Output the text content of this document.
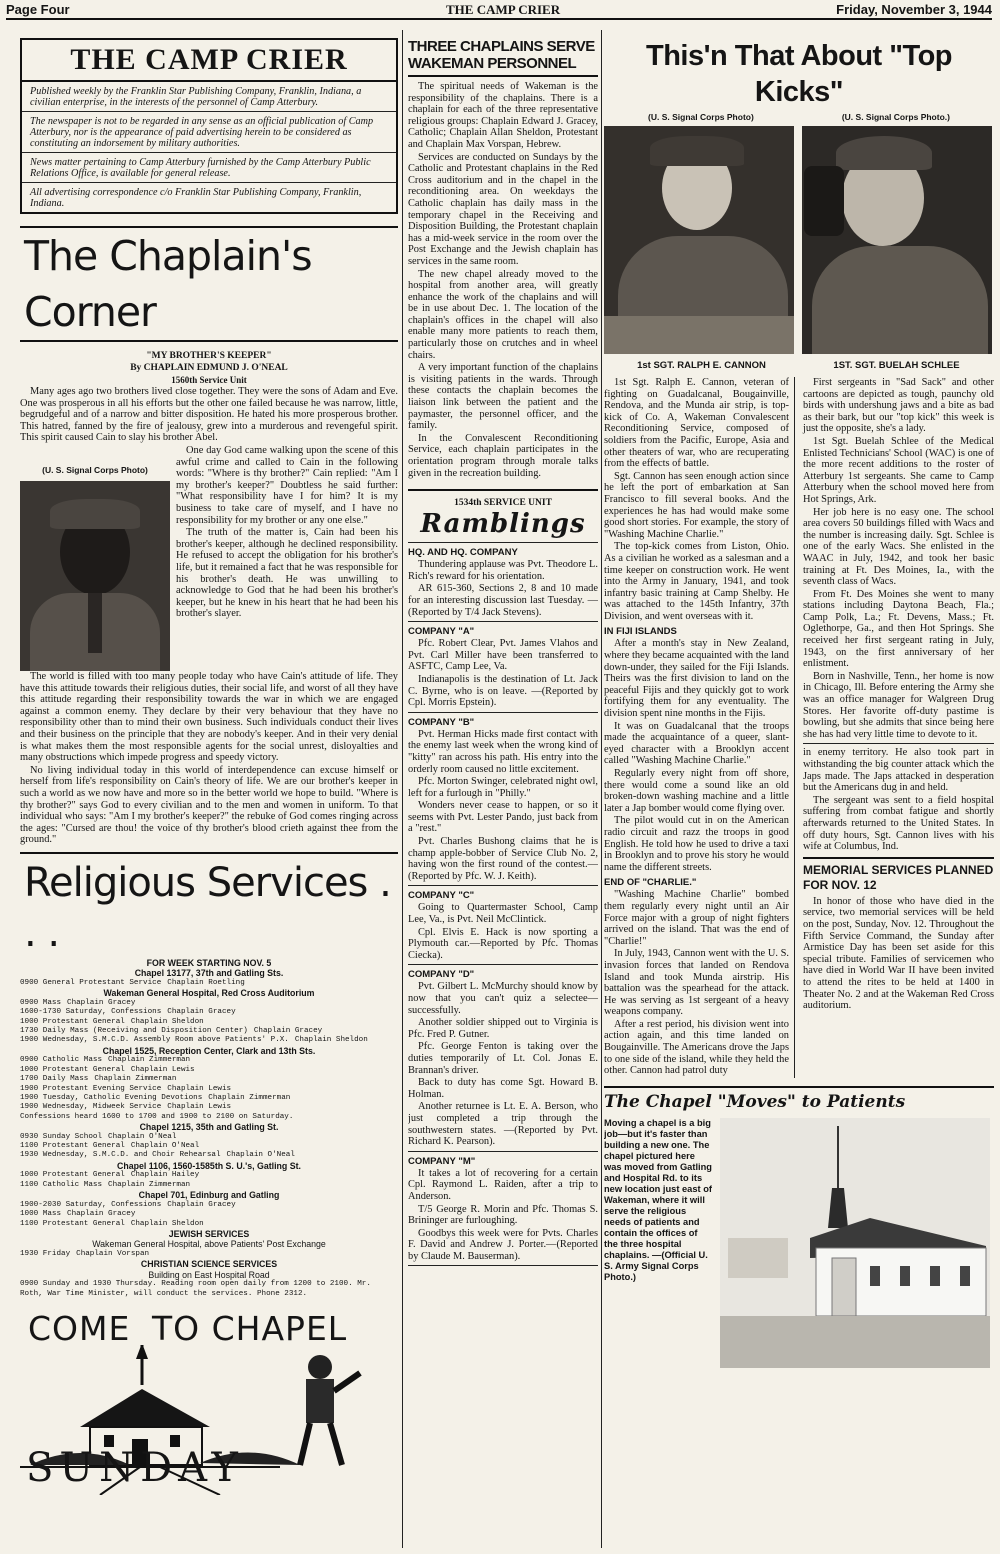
Page Four	THE CAMP CRIER	Friday, November 3, 1944
THE CAMP CRIER
Published weekly by the Franklin Star Publishing Company, Franklin, Indiana, a civilian enterprise, in the interests of the personnel of Camp Atterbury.
The newspaper is not to be regarded in any sense as an official publication of Camp Atterbury, nor is the appearance of paid advertising herein to be considered as constituting an indorsement by military authorities.
News matter pertaining to Camp Atterbury furnished by the Camp Atterbury Public Relations Office, is available for general release.
All advertising correspondence c/o Franklin Star Publishing Company, Franklin, Indiana.
The Chaplain's Corner
"MY BROTHER'S KEEPER"
By CHAPLAIN EDMUND J. O'NEAL
1560th Service Unit

Many ages ago two brothers lived close together. They were the sons of Adam and Eve. One was prosperous in all his efforts but the other one failed because he was narrow, little, begrudgeful and of a narrow and bitter disposition. He hated his more prosperous brother. This hatred, fanned by the fire of jealousy, grew into a murderous and revengeful spirit. This spirit caused Cain to slay his brother Abel.

(U. S. Signal Corps Photo)

One day God came walking upon the scene of this awful crime and called to Cain in the following words: "Where is thy brother?" Cain replied: "Am I my brother's keeper?" Doubtless he said further: "What responsibility have I for him? It is my business to take care of myself, and I have no responsibility for my brother or any one else."

The truth of the matter is, Cain had been his brother's keeper, although he declined responsibility. He refused to accept the obligation for his brother's life, but it remained a fact that he was responsible for his brother's death. He was unwilling to acknowledge to God that he had been his brother's keeper, but he knew in his heart that he had been his brother's slayer.

The world is filled with too many people today who have Cain's attitude of life. They have this attitude towards their religious duties, their social life, and worst of all they have this attitude regarding their responsibility towards the war in which we are engaged against a common enemy. They declare by their very behaviour that they have no responsibility other than to mind their own business. Such individuals conduct their lives and their business on the principle that they are nobody's keeper. And in their very denial is what makes them the most responsible agents for the social unrest, disloyalties and many obstructions which impede progress and speedy victory.

No living individual today in this world of interdependence can excuse himself or herself from life's responsibility on Cain's theory of life. We are our brother's keeper in such a world as we now have and more so in the better world we hope to build. "Where is thy brother?" says God to every civilian and to the men and women in uniform. To that individual who says: "Am I my brother's keeper?" the rebuke of God comes ringing across the ages: "Cursed are thou! the voice of thy brother's blood crieth against thee from the ground."

Religious Services . . .
FOR WEEK STARTING NOV. 5
Chapel 13177, 37th and Gatling Sts.
0900 General Protestant Service Chaplain Roetling
Wakeman General Hospital, Red Cross Auditorium
0900 Mass Chaplain Gracey
1600-1730 Saturday, Confessions Chaplain Gracey
1000 Protestant General Chaplain Sheldon
1730 Daily Mass (Receiving and Disposition Center) Chaplain Gracey
1900 Wednesday, S.M.C.D. Assembly Room above Patients' P.X. Chaplain Sheldon
Chapel 1525, Reception Center, Clark and 13th Sts.
0900 Catholic Mass Chaplain Zimmerman
1000 Protestant General Chaplain Lewis
1700 Daily Mass Chaplain Zimmerman
1900 Protestant Evening Service Chaplain Lewis
1900 Tuesday, Catholic Evening Devotions Chaplain Zimmerman
1900 Wednesday, Midweek Service Chaplain Lewis
Confessions heard 1600 to 1700 and 1900 to 2100 on Saturday.
Chapel 1215, 35th and Gatling St.
0930 Sunday School Chaplain O'Neal
1100 Protestant General Chaplain O'Neal
1930 Wednesday, S.M.C.D. and Choir Rehearsal Chaplain O'Neal
Chapel 1106, 1560-1585th S. U.'s, Gatling St.
1000 Protestant General Chaplain Hailey
1100 Catholic Mass Chaplain Zimmerman
Chapel 701, Edinburg and Gatling
1900-2030 Saturday, Confessions Chaplain Gracey
1000 Mass Chaplain Gracey
1100 Protestant General Chaplain Sheldon
JEWISH SERVICES
Wakeman General Hospital, above Patients' Post Exchange
1930 Friday Chaplain Vorspan
CHRISTIAN SCIENCE SERVICES
Building on East Hospital Road
0900 Sunday and 1930 Thursday. Reading room open daily from 1200 to 2100. Mr. Roth, War Time Minister, will conduct the services. Phone 2312.
COME TO CHAPEL
SUNDAY
THREE CHAPLAINS SERVE WAKEMAN PERSONNEL

The spiritual needs of Wakeman is the responsibility of the chaplains. There is a chaplain for each of the three representative religious groups: Chaplain Edward J. Gracey, Catholic; Chaplain Allan Sheldon, Protestant and Chaplain Max Vorspan, Hebrew.

Services are conducted on Sundays by the Catholic and Protestant chaplains in the Red Cross auditorium and in the chapel in the reconditioning area. On weekdays the Catholic chaplain has daily mass in the temporary chapel in the Receiving and Disposition Building, the Protestant chaplain has a mid-week service in the room over the Post Exchange and the Jewish chaplain has services in the same room.

The new chapel already moved to the hospital from another area, will greatly enhance the work of the chaplains and will be in use about Dec. 1. The location of the chaplain's offices in the chapel will also enable many more patients to reach them, particularly those on crutches and in wheel chairs.

A very important function of the chaplains is visiting patients in the wards. Through these contacts the chaplain becomes the liaison link between the patient and the paymaster, the personnel officer, and the family.

In the Convalescent Reconditioning Service, each chaplain participates in the orientation program through morale talks given in the recreation building.

1534th SERVICE UNIT
Ramblings
HQ. AND HQ. COMPANY

Thundering applause was Pvt. Theodore L. Rich's reward for his orientation.

AR 615-360, Sections 2, 8 and 10 made for an interesting discussion last Tuesday. — (Reported by T/4 Jack Stevens).

COMPANY "A"

Pfc. Robert Clear, Pvt. James Vlahos and Pvt. Carl Miller have been transferred to ASFTC, Camp Lee, Va.

Indianapolis is the destination of Lt. Jack C. Byrne, who is on leave. —(Reported by Cpl. Morris Epstein).

COMPANY "B"

Pvt. Herman Hicks made first contact with the enemy last week when the wrong kind of "kitty" ran across his path. His entry into the orderly room caused no little excitement.

Pfc. Morton Swinger, celebrated night owl, left for a furlough in "Philly."

Wonders never cease to happen, or so it seems with Pvt. Lester Pando, just back from a "rest."

Pvt. Charles Bushong claims that he is champ apple-bobber of Service Club No. 2, having won the first round of the contest.—(Reported by Pfc. W. J. Keith).

COMPANY "C"

Going to Quartermaster School, Camp Lee, Va., is Pvt. Neil McClintick.

Cpl. Elvis E. Hack is now sporting a Plymouth car.—Reported by Pfc. Thomas Ciecka).

COMPANY "D"

Pvt. Gilbert L. McMurchy should know by now that you can't quiz a selectee—successfully.

Another soldier shipped out to Virginia is Pfc. Fred P. Gutner.

Pfc. George Fenton is taking over the duties temporarily of Lt. Col. Jonas E. Brannan's driver.

Back to duty has come Sgt. Howard B. Holman.

Another returnee is Lt. E. A. Berson, who just completed a trip through the southwestern states. —(Reported by Pvt. Richard K. Pearson).

COMPANY "M"

It takes a lot of recovering for a certain Cpl. Raymond L. Raiden, after a trip to Anderson.

T/5 George R. Morin and Pfc. Thomas S. Brininger are furloughing.

Goodbys this week were for Pvts. Charles F. David and Andrew J. Porter.—(Reported by Claude M. Bauserman).

This'n That About "Top Kicks"
(U. S. Signal Corps Photo)	(U. S. Signal Corps Photo.)
1st SGT. RALPH E. CANNON	1ST. SGT. BUELAH SCHLEE

1st Sgt. Ralph E. Cannon, veteran of fighting on Guadalcanal, Bougainville, Rendova, and the Munda air strip, is top-kick of Co. A, Wakeman Convalescent Reconditioning Service, composed of soldiers from the Pacific, Europe, Asia and other theaters of war, who are recuperating from the effects of battle.

Sgt. Cannon has seen enough action since he left the port of embarkation at San Francisco to fill several books. And the experiences he has had would make some good short stories. For example, the story of "Washing Machine Charlie."

The top-kick comes from Liston, Ohio. As a civilian he worked as a salesman and a time keeper on construction work. He went into the Army in January, 1941, and took infantry basic training at Camp Shelby. He was attached to the 145th Infantry, 37th Division, and went overseas with it.

IN FIJI ISLANDS

After a month's stay in New Zealand, where they became acquainted with the land down-under, they sailed for the Fiji Islands. Theirs was the first division to land on the peaceful Fijis and they quickly got to work fortifying them for any eventuality. The division spent nine months in the Fijis.

It was on Guadalcanal that the troops made the acquaintance of a queer, slant-eyed character with a Brooklyn accent called "Washing Machine Charlie."

Regularly every night from off shore, there would come a sound like an old broken-down washing machine and a little later a Jap bomber would come flying over.

The pilot would cut in on the American radio circuit and razz the troops in good English. He told how he used to drive a taxi in Brooklyn and to prove his story he would name the different streets.

END OF "CHARLIE."

"Washing Machine Charlie" bombed them regularly every night until an Air Force major with a group of night fighters arrived on the island. That was the end of "Charlie!"

In July, 1943, Cannon went with the U. S. invasion forces that landed on Rendova Island and took Munda airstrip. His battalion was the spearhead for the attack. He was serving as 1st sergeant of a heavy weapons company.

After a rest period, his division went into action again, and this time landed on Bougainville. The Americans drove the Japs to one side of the island, while they held the other. Cannon had patrol duty

First sergeants in "Sad Sack" and other cartoons are depicted as tough, paunchy old birds with undershung jaws and a bite as bad as their bark, but our "top kick" this week is just the opposite, she's a lady.

1st Sgt. Buelah Schlee of the Medical Enlisted Technicians' School (WAC) is one of the more recent additions to the roster of Atterbury 1st sergeants. She came to Camp Atterbury when the school moved here from Hot Springs, Ark.

Her job here is no easy one. The school area covers 50 buildings filled with Wacs and the number is increasing daily. Sgt. Schlee is one of the early Wacs. She enlisted in the WAAC in July, 1942, and took her basic training at Ft. Des Moines, Ia., with the seventh class of Wacs.

From Ft. Des Moines she went to many stations including Daytona Beach, Fla.; Camp Polk, La.; Ft. Devens, Mass.; Ft. Oglethorpe, Ga., and then Hot Springs. She received her first sergeant rating in July, 1943, on the first anniversary of her enlistment.

Born in Nashville, Tenn., her home is now in Chicago, Ill. Before entering the Army she was an office manager for Walgreen Drug Stores. Her favorite off-duty pastime is bowling, but she admits that since being here she has had very little time to devote to it.

in enemy territory. He also took part in withstanding the big counter attack which the Japs made. The Japs attacked in desperation but the Americans dug in and held.

The sergeant was sent to a field hospital suffering from combat fatigue and shortly afterwards returned to the United States. In off duty hours, Sgt. Cannon lives with his wife at Columbus, Ind.

MEMORIAL SERVICES PLANNED FOR NOV. 12

In honor of those who have died in the service, two memorial services will be held on the post, Sunday, Nov. 12. Throughout the Fifth Service Command, the Sunday after Armistice Day has been set aside for this special tribute. Families of servicemen who have died in World War II have been invited to attend the rites to be held at 1400 in Theater No. 2 and at the Wakeman Red Cross auditorium.

The Chapel "Moves" to Patients
Moving a chapel is a big job—but it's faster than building a new one. The chapel pictured here was moved from Gatling and Hospital Rd. to its new location just east of Wakeman, where it will serve the religious needs of patients and contain the offices of the three hospital chaplains. —(Official U. S. Army Signal Corps Photo.)
